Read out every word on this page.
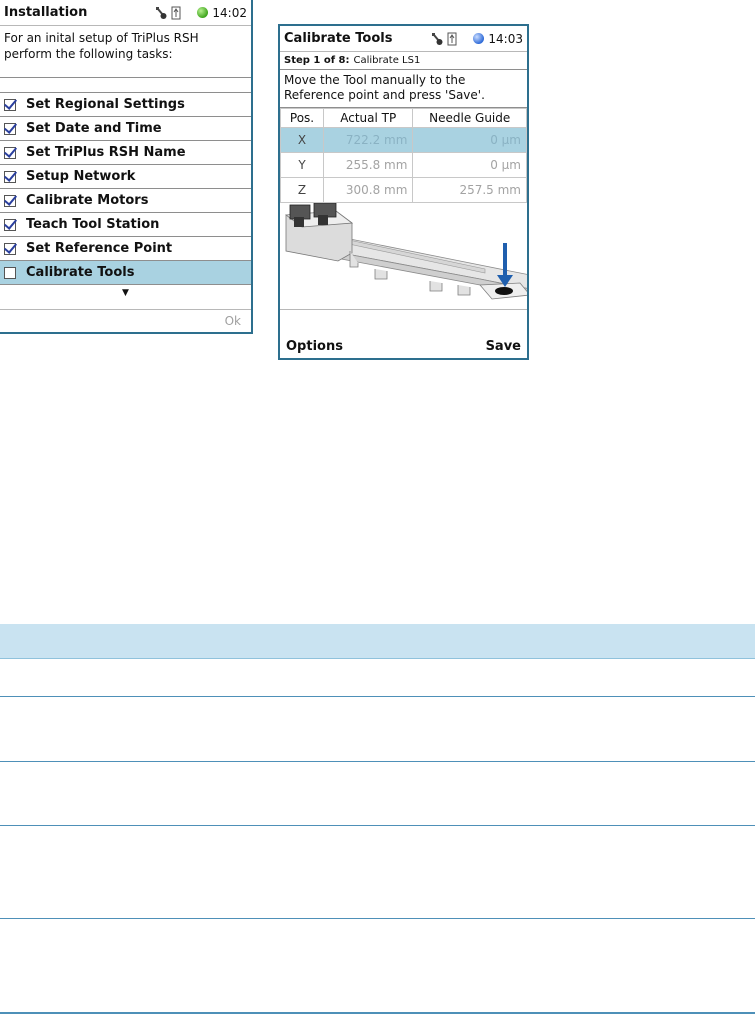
Installation	14:02
For an inital setup of TriPlus RSH perform the following tasks:
Set Regional Settings
Set Date and Time
Set TriPlus RSH Name
Setup Network
Calibrate Motors
Teach Tool Station
Set Reference Point
Calibrate Tools
▼
Ok
Calibrate Tools	14:03
Step 1 of 8: Calibrate LS1
Move the Tool manually to the Reference point and press 'Save'.
Pos.	Actual TP	Needle Guide
X	722.2 mm	0 µm
Y	255.8 mm	0 µm
Z	300.8 mm	257.5 mm
Options	Save
